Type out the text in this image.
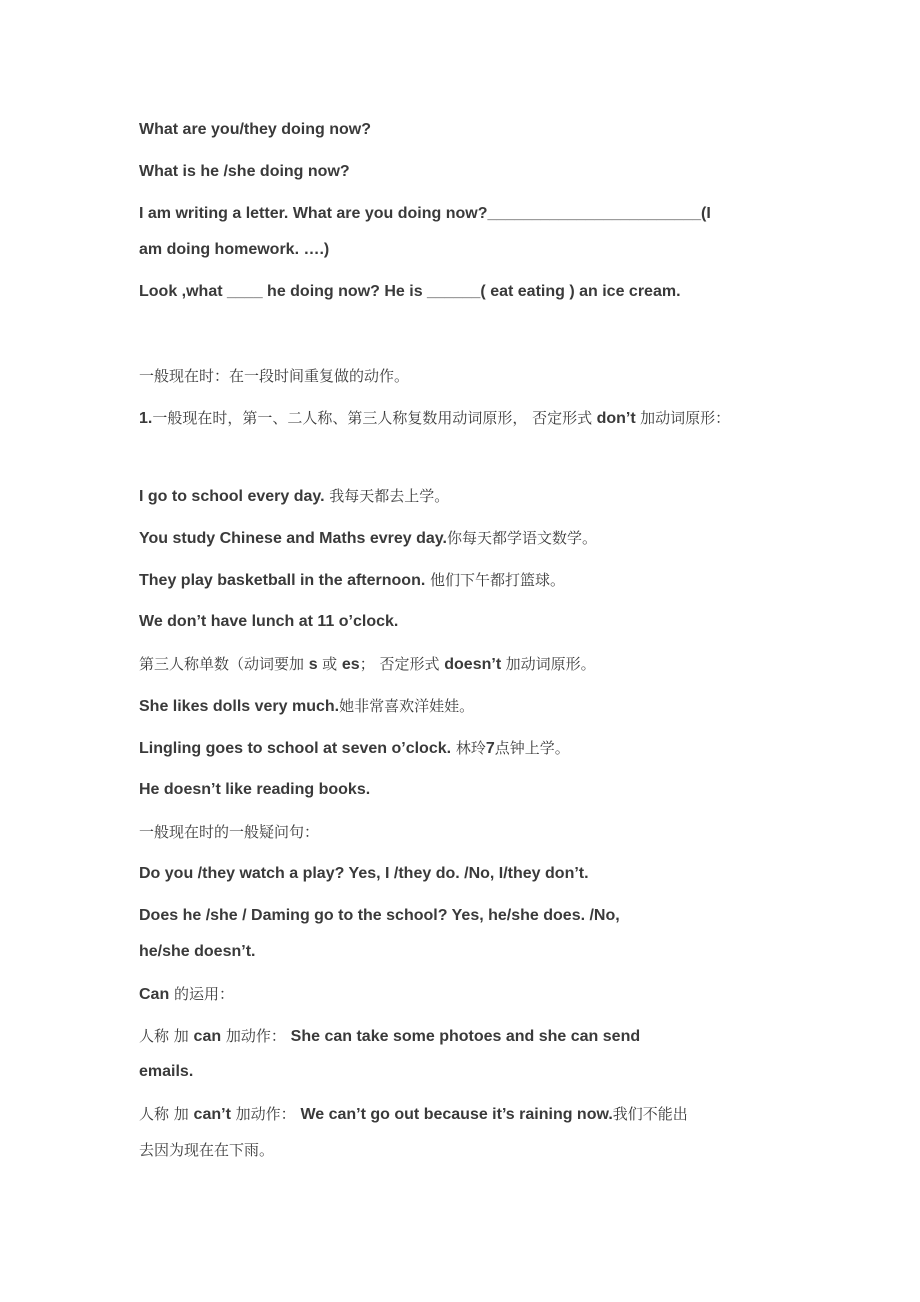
What are you/they doing now?
What is he /she doing now?
I am writing a letter. What are you doing now?________________________(I
am doing homework. ….)
Look ,what ____ he doing now? He is ______( eat eating ) an ice cream.
一般现在时：在一段时间重复做的动作。
1.一般现在时，第一、二人称、第三人称复数用动词原形， 否定形式 don’t 加动词原形：
I go to school every day. 我每天都去上学。
You study Chinese and Maths evrey day.你每天都学语文数学。
They play basketball in the afternoon. 他们下午都打篮球。
We don’t have lunch at 11 o’clock.
第三人称单数（动词要加 s 或 es； 否定形式 doesn’t 加动词原形。
She likes dolls very much.她非常喜欢洋娃娃。
Lingling goes to school at seven o’clock. 林玲7点钟上学。
He doesn’t like reading books.
一般现在时的一般疑问句：
Do you /they watch a play? Yes, I /they do. /No, I/they don’t.
Does he /she / Daming go to the school? Yes, he/she does. /No,
he/she doesn’t.
Can 的运用：
人称 加 can 加动作： She can take some photoes and she can send
emails.
人称 加 can’t 加动作： We can’t go out because it’s raining now.我们不能出
去因为现在在下雨。
